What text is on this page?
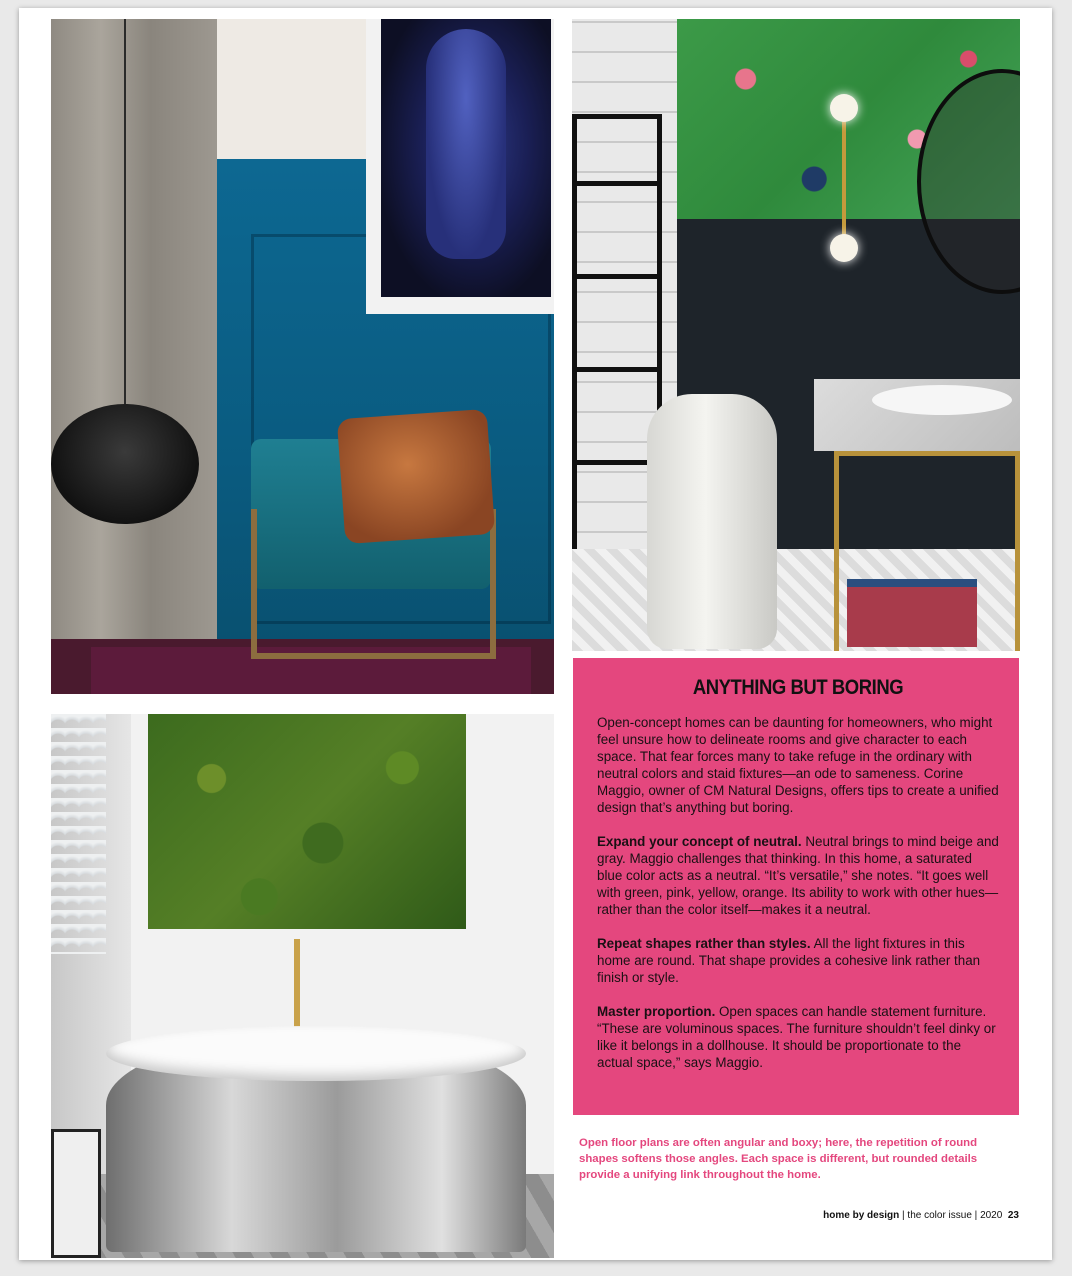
ANYTHING BUT BORING

Open-concept homes can be daunting for homeowners, who might feel unsure how to delineate rooms and give character to each space. That fear forces many to take refuge in the ordinary with neutral colors and staid fixtures—an ode to sameness. Corine Maggio, owner of CM Natural Designs, offers tips to create a unified design that’s anything but boring.

Expand your concept of neutral. Neutral brings to mind beige and gray. Maggio challenges that thinking. In this home, a saturated blue color acts as a neutral. “It’s versatile,” she notes. “It goes well with green, pink, yellow, orange. Its ability to work with other hues—rather than the color itself—makes it a neutral.

Repeat shapes rather than styles. All the light fixtures in this home are round. That shape provides a cohesive link rather than finish or style.

Master proportion. Open spaces can handle statement furniture. “These are voluminous spaces. The furniture shouldn’t feel dinky or like it belongs in a dollhouse. It should be proportionate to the actual space,” says Maggio.

Open floor plans are often angular and boxy; here, the repetition of round shapes softens those angles. Each space is different, but rounded details provide a unifying link throughout the home.

home by design | the color issue | 2020 23
